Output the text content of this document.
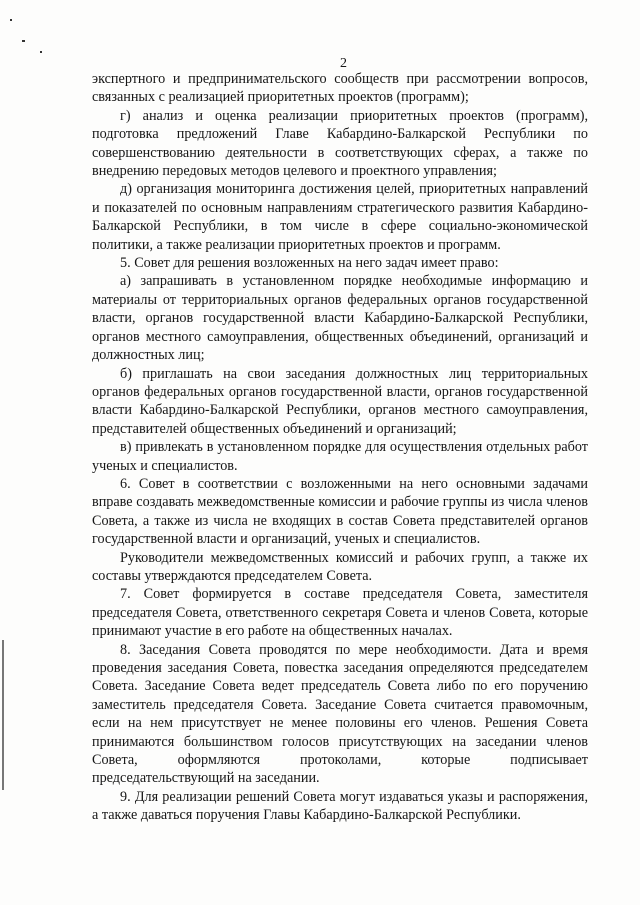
2

экспертного и предпринимательского сообществ при рассмотрении вопросов, связанных с реализацией приоритетных проектов (программ);

г) анализ и оценка реализации приоритетных проектов (программ), подготовка предложений Главе Кабардино-Балкарской Республики по совершенствованию деятельности в соответствующих сферах, а также по внедрению передовых методов целевого и проектного управления;

д) организация мониторинга достижения целей, приоритетных направлений и показателей по основным направлениям стратегического развития Кабардино-Балкарской Республики, в том числе в сфере социально-экономической политики, а также реализации приоритетных проектов и программ.

5. Совет для решения возложенных на него задач имеет право:

а) запрашивать в установленном порядке необходимые информацию и материалы от территориальных органов федеральных органов государственной власти, органов государственной власти Кабардино-Балкарской Республики, органов местного самоуправления, общественных объединений, организаций и должностных лиц;

б) приглашать на свои заседания должностных лиц территориальных органов федеральных органов государственной власти, органов государственной власти Кабардино-Балкарской Республики, органов местного самоуправления, представителей общественных объединений и организаций;

в) привлекать в установленном порядке для осуществления отдельных работ ученых и специалистов.

6. Совет в соответствии с возложенными на него основными задачами вправе создавать межведомственные комиссии и рабочие группы из числа членов Совета, а также из числа не входящих в состав Совета представителей органов государственной власти и организаций, ученых и специалистов.

Руководители межведомственных комиссий и рабочих групп, а также их составы утверждаются председателем Совета.

7. Совет формируется в составе председателя Совета, заместителя председателя Совета, ответственного секретаря Совета и членов Совета, которые принимают участие в его работе на общественных началах.

8. Заседания Совета проводятся по мере необходимости. Дата и время проведения заседания Совета, повестка заседания определяются председателем Совета. Заседание Совета ведет председатель Совета либо по его поручению заместитель председателя Совета. Заседание Совета считается правомочным, если на нем присутствует не менее половины его членов. Решения Совета принимаются большинством голосов присутствующих на заседании членов Совета, оформляются протоколами, которые подписывает председательствующий на заседании.

9. Для реализации решений Совета могут издаваться указы и распоряжения, а также даваться поручения Главы Кабардино-Балкарской Республики.
